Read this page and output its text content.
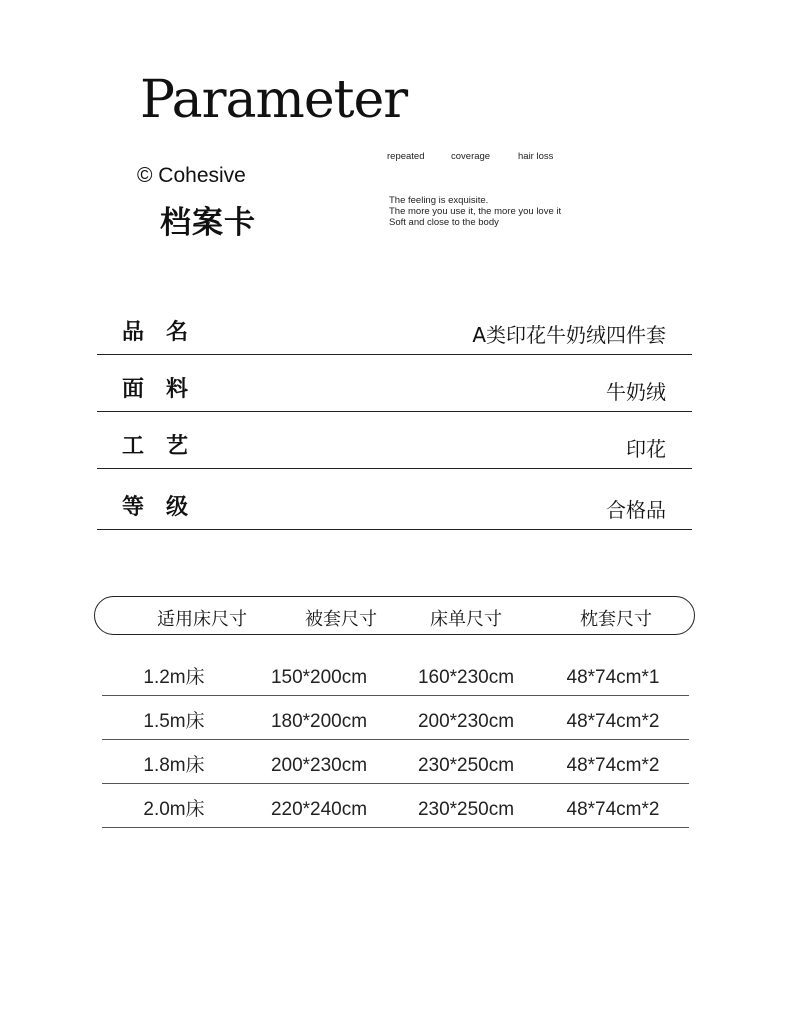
Parameter
© Cohesive
档案卡
repeated	coverage	hair loss
The feeling is exquisite.
The more you use it, the more you love it
Soft and close to the body
品名	A类印花牛奶绒四件套
面料	牛奶绒
工艺	印花
等级	合格品
适用床尺寸	被套尺寸	床单尺寸	枕套尺寸
1.2m床	150*200cm	160*230cm	48*74cm*1
1.5m床	180*200cm	200*230cm	48*74cm*2
1.8m床	200*230cm	230*250cm	48*74cm*2
2.0m床	220*240cm	230*250cm	48*74cm*2
